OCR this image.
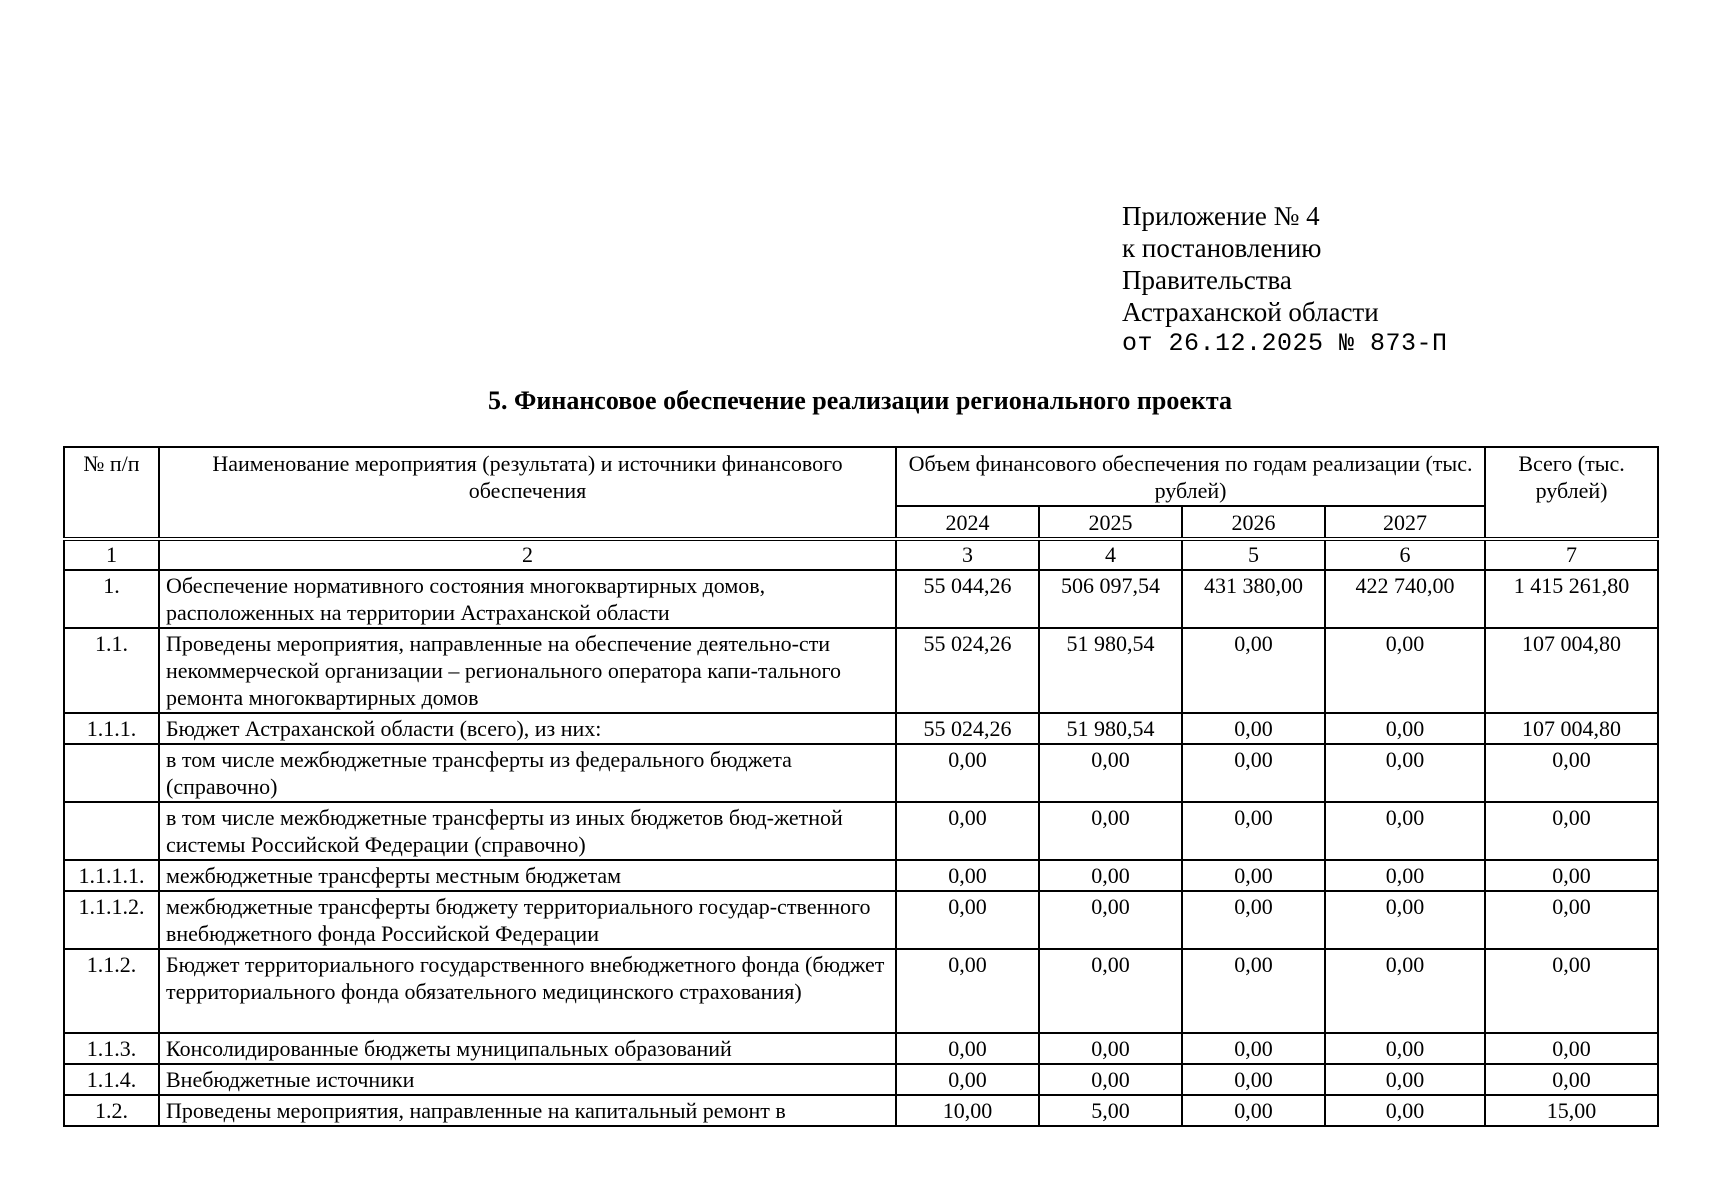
Приложение № 4
к постановлению
Правительства
Астраханской области
от 26.12.2025 № 873-П
5. Финансовое обеспечение реализации регионального проекта
№ п/п	Наименование мероприятия (результата) и источники финансового обеспечения	Объем финансового обеспечения по годам реализации (тыс. рублей)				Всего (тыс. рублей)
		2024	2025	2026	2027	
1	2	3	4	5	6	7
1.	Обеспечение нормативного состояния многоквартирных домов, расположенных на территории Астраханской области	55 044,26	506 097,54	431 380,00	422 740,00	1 415 261,80
1.1.	Проведены мероприятия, направленные на обеспечение деятельно-сти некоммерческой организации – регионального оператора капи-тального ремонта многоквартирных домов	55 024,26	51 980,54	0,00	0,00	107 004,80
1.1.1.	Бюджет Астраханской области (всего), из них:	55 024,26	51 980,54	0,00	0,00	107 004,80
	в том числе межбюджетные трансферты из федерального бюджета (справочно)	0,00	0,00	0,00	0,00	0,00
	в том числе межбюджетные трансферты из иных бюджетов бюд-жетной системы Российской Федерации (справочно)	0,00	0,00	0,00	0,00	0,00
1.1.1.1.	межбюджетные трансферты местным бюджетам	0,00	0,00	0,00	0,00	0,00
1.1.1.2.	межбюджетные трансферты бюджету территориального государ-ственного внебюджетного фонда Российской Федерации	0,00	0,00	0,00	0,00	0,00
1.1.2.	Бюджет территориального государственного внебюджетного фонда (бюджет территориального фонда обязательного медицинского страхования)	0,00	0,00	0,00	0,00	0,00
1.1.3.	Консолидированные бюджеты муниципальных образований	0,00	0,00	0,00	0,00	0,00
1.1.4.	Внебюджетные источники	0,00	0,00	0,00	0,00	0,00
1.2.	Проведены мероприятия, направленные на капитальный ремонт в	10,00	5,00	0,00	0,00	15,00
